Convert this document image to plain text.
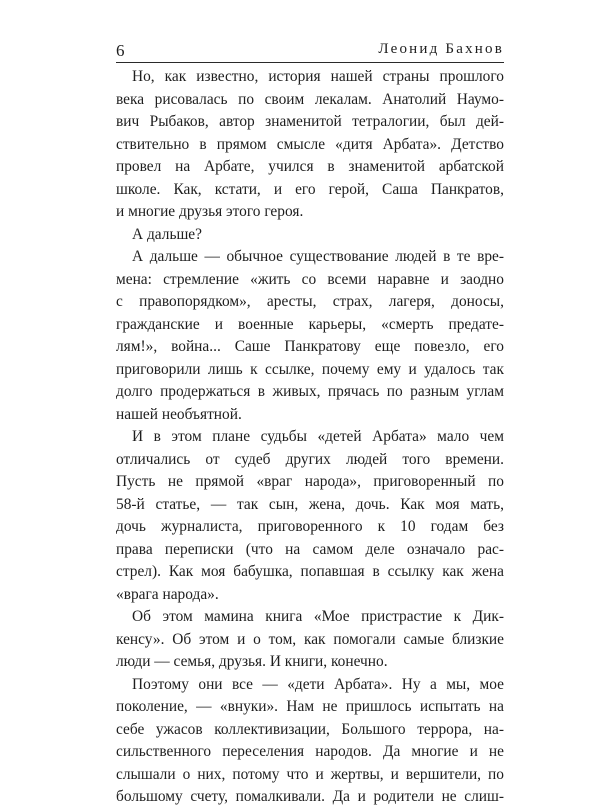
6	Леонид Бахнов
Но, как известно, история нашей страны прошлого
века рисовалась по своим лекалам. Анатолий Наумо-
вич Рыбаков, автор знаменитой тетралогии, был дей-
ствительно в прямом смысле «дитя Арбата». Детство
провел на Арбате, учился в знаменитой арбатской
школе. Как, кстати, и его герой, Саша Панкратов,
и многие друзья этого героя.
А дальше?
А дальше — обычное существование людей в те вре-
мена: стремление «жить со всеми наравне и заодно
с правопорядком», аресты, страх, лагеря, доносы,
гражданские и военные карьеры, «смерть предате-
лям!», война... Саше Панкратову еще повезло, его
приговорили лишь к ссылке, почему ему и удалось так
долго продержаться в живых, прячась по разным углам
нашей необъятной.
И в этом плане судьбы «детей Арбата» мало чем
отличались от судеб других людей того времени.
Пусть не прямой «враг народа», приговоренный по
58-й статье, — так сын, жена, дочь. Как моя мать,
дочь журналиста, приговоренного к 10 годам без
права переписки (что на самом деле означало рас-
стрел). Как моя бабушка, попавшая в ссылку как жена
«врага народа».
Об этом мамина книга «Мое пристрастие к Дик-
кенсу». Об этом и о том, как помогали самые близкие
люди — семья, друзья. И книги, конечно.
Поэтому они все — «дети Арбата». Ну а мы, мое
поколение, — «внуки». Нам не пришлось испытать на
себе ужасов коллективизации, Большого террора, на-
сильственного переселения народов. Да многие и не
слышали о них, потому что и жертвы, и вершители, по
большому счету, помалкивали. Да и родители не слиш-
